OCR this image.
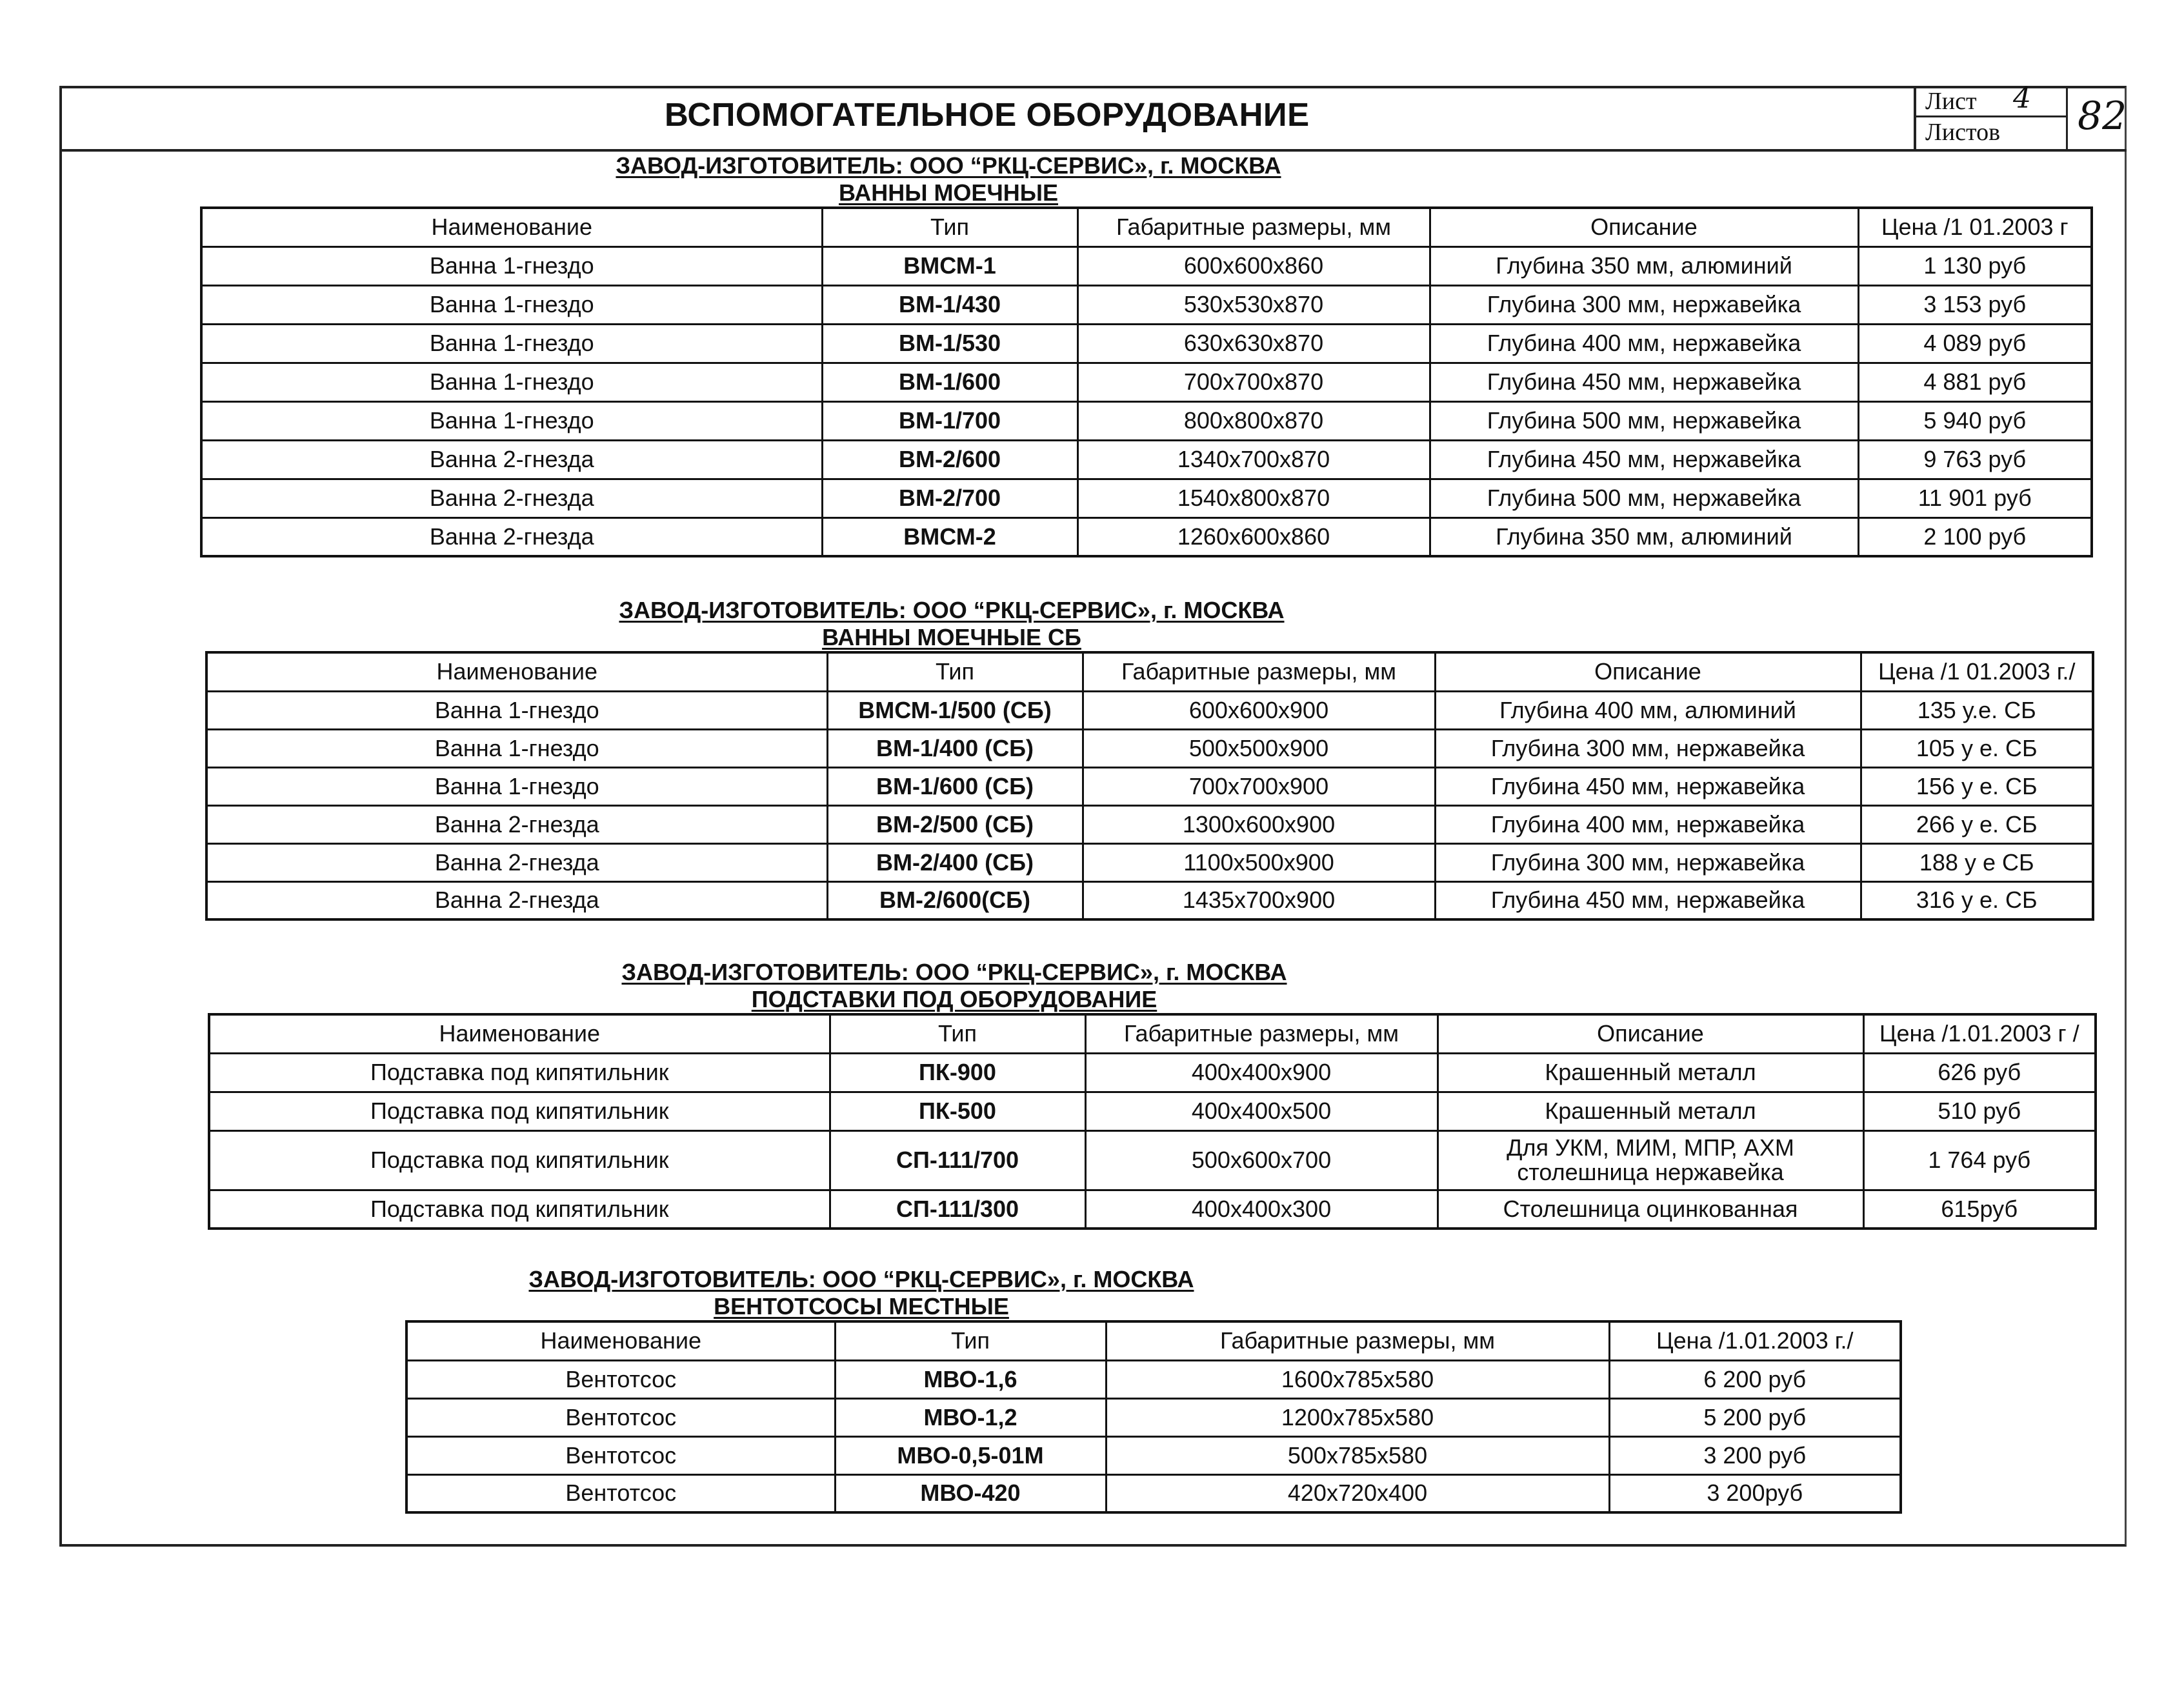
ВСПОМОГАТЕЛЬНОЕ ОБОРУДОВАНИЕ	Лист 4
Листов 82
ЗАВОД-ИЗГОТОВИТЕЛЬ: ООО “РКЦ-СЕРВИС», г. МОСКВА
ВАННЫ МОЕЧНЫЕ
Наименование	Тип	Габаритные размеры, мм	Описание	Цена /1 01.2003 г
Ванна 1-гнездо	ВМСМ-1	600х600х860	Глубина 350 мм, алюминий	1 130 руб
Ванна 1-гнездо	ВМ-1/430	530х530х870	Глубина 300 мм, нержавейка	3 153 руб
Ванна 1-гнездо	ВМ-1/530	630х630х870	Глубина 400 мм, нержавейка	4 089 руб
Ванна 1-гнездо	ВМ-1/600	700х700х870	Глубина 450 мм, нержавейка	4 881 руб
Ванна 1-гнездо	ВМ-1/700	800х800х870	Глубина 500 мм, нержавейка	5 940 руб
Ванна 2-гнезда	ВМ-2/600	1340х700х870	Глубина 450 мм, нержавейка	9 763 руб
Ванна 2-гнезда	ВМ-2/700	1540х800х870	Глубина 500 мм, нержавейка	11 901 руб
Ванна 2-гнезда	ВМСМ-2	1260х600х860	Глубина 350 мм, алюминий	2 100 руб
ЗАВОД-ИЗГОТОВИТЕЛЬ: ООО “РКЦ-СЕРВИС», г. МОСКВА
ВАННЫ МОЕЧНЫЕ СБ
Наименование	Тип	Габаритные размеры, мм	Описание	Цена /1 01.2003 г./
Ванна 1-гнездо	ВМСМ-1/500 (СБ)	600х600х900	Глубина 400 мм, алюминий	135 у.е. СБ
Ванна 1-гнездо	ВМ-1/400 (СБ)	500х500х900	Глубина 300 мм, нержавейка	105 у е. СБ
Ванна 1-гнездо	ВМ-1/600 (СБ)	700х700х900	Глубина 450 мм, нержавейка	156 у е. СБ
Ванна 2-гнезда	ВМ-2/500 (СБ)	1300х600х900	Глубина 400 мм, нержавейка	266 у е. СБ
Ванна 2-гнезда	ВМ-2/400 (СБ)	1100х500х900	Глубина 300 мм, нержавейка	188 у е СБ
Ванна 2-гнезда	ВМ-2/600(СБ)	1435х700х900	Глубина 450 мм, нержавейка	316 у е. СБ
ЗАВОД-ИЗГОТОВИТЕЛЬ: ООО “РКЦ-СЕРВИС», г. МОСКВА
ПОДСТАВКИ ПОД ОБОРУДОВАНИЕ
Наименование	Тип	Габаритные размеры, мм	Описание	Цена /1.01.2003 г /
Подставка под кипятильник	ПК-900	400х400х900	Крашенный металл	626 руб
Подставка под кипятильник	ПК-500	400х400х500	Крашенный металл	510 руб
Подставка под кипятильник	СП-111/700	500х600х700	Для УКМ, МИМ, МПР, АХМ столешница нержавейка	1 764 руб
Подставка под кипятильник	СП-111/300	400х400х300	Столешница оцинкованная	615руб
ЗАВОД-ИЗГОТОВИТЕЛЬ: ООО “РКЦ-СЕРВИС», г. МОСКВА
ВЕНТОТСОСЫ МЕСТНЫЕ
Наименование	Тип	Габаритные размеры, мм	Цена /1.01.2003 г./
Вентотсос	МВО-1,6	1600х785х580	6 200 руб
Вентотсос	МВО-1,2	1200х785х580	5 200 руб
Вентотсос	МВО-0,5-01М	500х785х580	3 200 руб
Вентотсос	МВО-420	420х720х400	3 200руб
